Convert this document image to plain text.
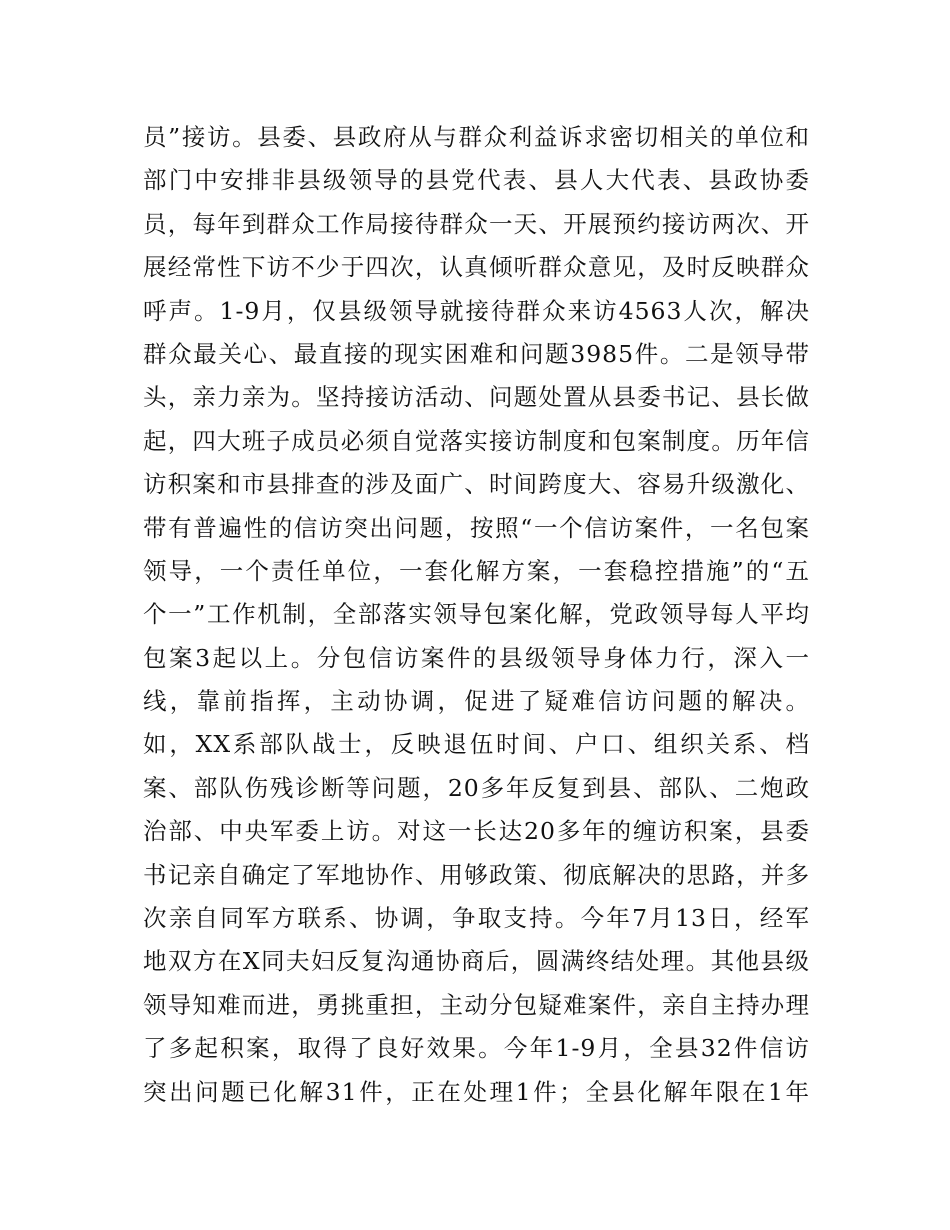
员”接访。县委、县政府从与群众利益诉求密切相关的单位和
部门中安排非县级领导的县党代表、县人大代表、县政协委
员，每年到群众工作局接待群众一天、开展预约接访两次、开
展经常性下访不少于四次，认真倾听群众意见，及时反映群众
呼声。1-9月，仅县级领导就接待群众来访4563人次，解决
群众最关心、最直接的现实困难和问题3985件。二是领导带
头，亲力亲为。坚持接访活动、问题处置从县委书记、县长做
起，四大班子成员必须自觉落实接访制度和包案制度。历年信
访积案和市县排查的涉及面广、时间跨度大、容易升级激化、
带有普遍性的信访突出问题，按照“一个信访案件，一名包案
领导，一个责任单位，一套化解方案，一套稳控措施”的“五
个一”工作机制，全部落实领导包案化解，党政领导每人平均
包案3起以上。分包信访案件的县级领导身体力行，深入一
线，靠前指挥，主动协调，促进了疑难信访问题的解决。
如，XX系部队战士，反映退伍时间、户口、组织关系、档
案、部队伤残诊断等问题，20多年反复到县、部队、二炮政
治部、中央军委上访。对这一长达20多年的缠访积案，县委
书记亲自确定了军地协作、用够政策、彻底解决的思路，并多
次亲自同军方联系、协调，争取支持。今年7月13日，经军
地双方在X同夫妇反复沟通协商后，圆满终结处理。其他县级
领导知难而进，勇挑重担，主动分包疑难案件，亲自主持办理
了多起积案，取得了良好效果。今年1-9月，全县32件信访
突出问题已化解31件，正在处理1件；全县化解年限在1年
